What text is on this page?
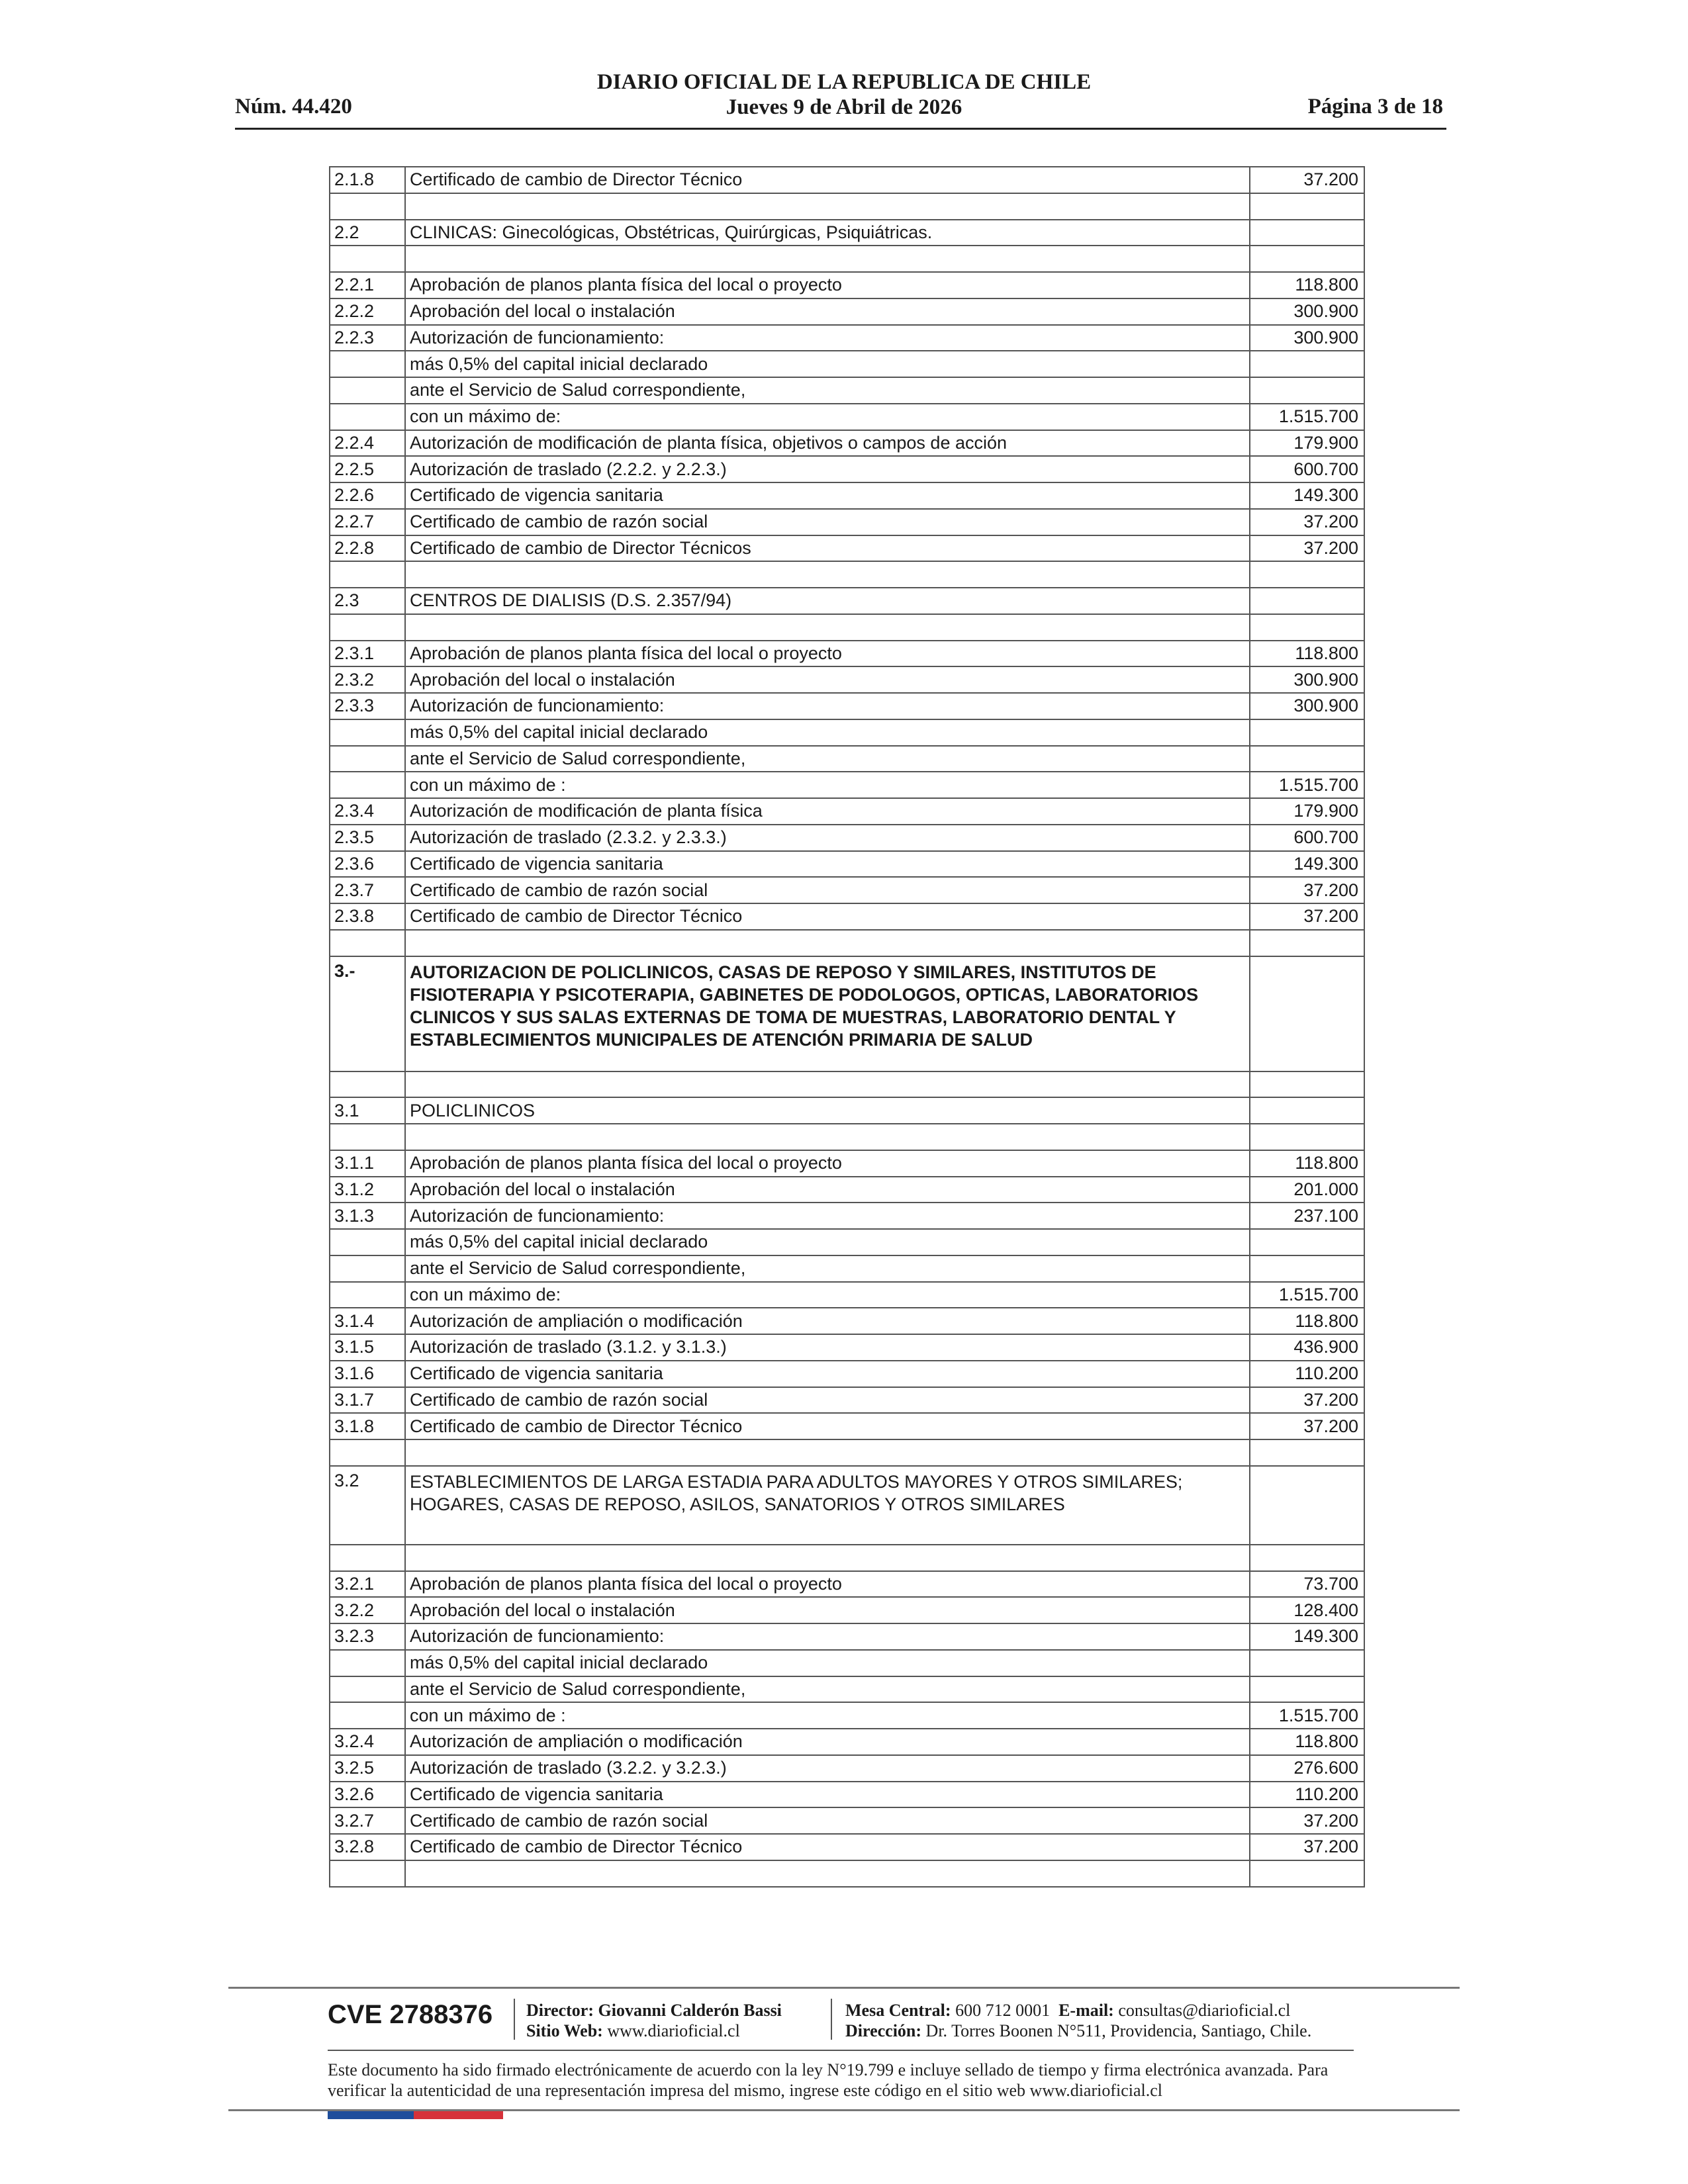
DIARIO OFICIAL DE LA REPUBLICA DE CHILE
Jueves 9 de Abril de 2026
Núm. 44.420	Página 3 de 18
2.1.8	Certificado de cambio de Director Técnico	37.200

2.2	CLINICAS: Ginecológicas, Obstétricas, Quirúrgicas, Psiquiátricas.	

2.2.1	Aprobación de planos planta física del local o proyecto	118.800
2.2.2	Aprobación del local o instalación	300.900
2.2.3	Autorización de funcionamiento:	300.900
	más 0,5% del capital inicial declarado	
	ante el Servicio de Salud correspondiente,	
	con un máximo de:	1.515.700
2.2.4	Autorización de modificación de planta física, objetivos o campos de acción	179.900
2.2.5	Autorización de traslado (2.2.2. y 2.2.3.)	600.700
2.2.6	Certificado de vigencia sanitaria	149.300
2.2.7	Certificado de cambio de razón social	37.200
2.2.8	Certificado de cambio de Director Técnicos	37.200

2.3	CENTROS DE DIALISIS (D.S. 2.357/94)	

2.3.1	Aprobación de planos planta física del local o proyecto	118.800
2.3.2	Aprobación del local o instalación	300.900
2.3.3	Autorización de funcionamiento:	300.900
	más 0,5% del capital inicial declarado	
	ante el Servicio de Salud correspondiente,	
	con un máximo de :	1.515.700
2.3.4	Autorización de modificación de planta física	179.900
2.3.5	Autorización de traslado (2.3.2. y 2.3.3.)	600.700
2.3.6	Certificado de vigencia sanitaria	149.300
2.3.7	Certificado de cambio de razón social	37.200
2.3.8	Certificado de cambio de Director Técnico	37.200

3.-	AUTORIZACION DE POLICLINICOS, CASAS DE REPOSO Y SIMILARES, INSTITUTOS DE FISIOTERAPIA Y PSICOTERAPIA, GABINETES DE PODOLOGOS, OPTICAS, LABORATORIOS CLINICOS Y SUS SALAS EXTERNAS DE TOMA DE MUESTRAS, LABORATORIO DENTAL Y ESTABLECIMIENTOS MUNICIPALES DE ATENCIÓN PRIMARIA DE SALUD	

3.1	POLICLINICOS	

3.1.1	Aprobación de planos planta física del local o proyecto	118.800
3.1.2	Aprobación del local o instalación	201.000
3.1.3	Autorización de funcionamiento:	237.100
	más 0,5% del capital inicial declarado	
	ante el Servicio de Salud correspondiente,	
	con un máximo de:	1.515.700
3.1.4	Autorización de ampliación o modificación	118.800
3.1.5	Autorización de traslado (3.1.2. y 3.1.3.)	436.900
3.1.6	Certificado de vigencia sanitaria	110.200
3.1.7	Certificado de cambio de razón social	37.200
3.1.8	Certificado de cambio de Director Técnico	37.200

3.2	ESTABLECIMIENTOS DE LARGA ESTADIA PARA ADULTOS MAYORES Y OTROS SIMILARES; HOGARES, CASAS DE REPOSO, ASILOS, SANATORIOS Y OTROS SIMILARES	

3.2.1	Aprobación de planos planta física del local o proyecto	73.700
3.2.2	Aprobación del local o instalación	128.400
3.2.3	Autorización de funcionamiento:	149.300
	más 0,5% del capital inicial declarado	
	ante el Servicio de Salud correspondiente,	
	con un máximo de :	1.515.700
3.2.4	Autorización de ampliación o modificación	118.800
3.2.5	Autorización de traslado (3.2.2. y 3.2.3.)	276.600
3.2.6	Certificado de vigencia sanitaria	110.200
3.2.7	Certificado de cambio de razón social	37.200
3.2.8	Certificado de cambio de Director Técnico	37.200

CVE 2788376 Director: Giovanni Calderón Bassi
Sitio Web: www.diarioficial.cl
Mesa Central: 600 712 0001 E-mail: consultas@diarioficial.cl
Dirección: Dr. Torres Boonen N°511, Providencia, Santiago, Chile.
Este documento ha sido firmado electrónicamente de acuerdo con la ley N°19.799 e incluye sellado de tiempo y firma electrónica avanzada. Para verificar la autenticidad de una representación impresa del mismo, ingrese este código en el sitio web www.diarioficial.cl
